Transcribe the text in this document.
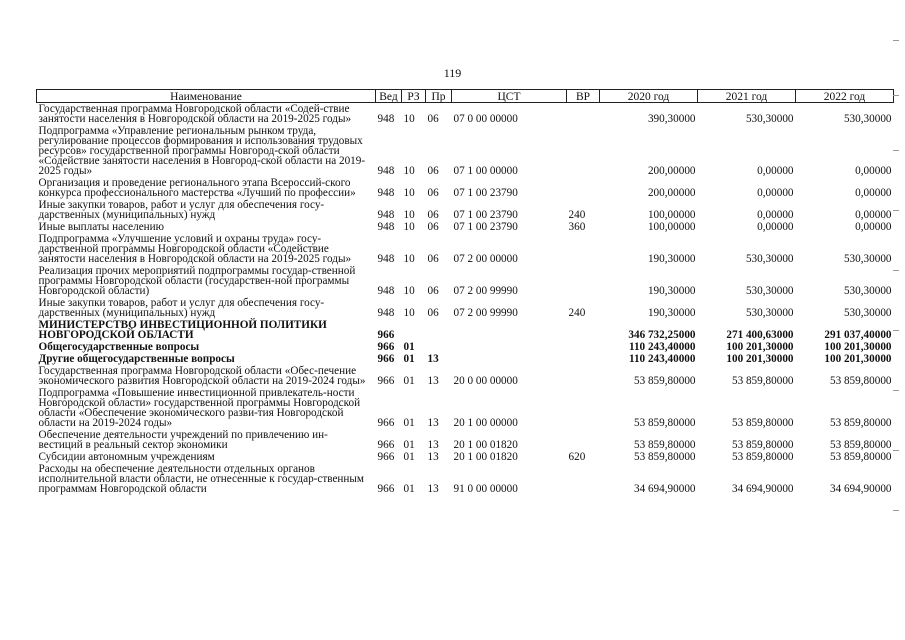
119
Наименование	Вед	РЗ	Пр	ЦСТ	ВР	2020 год	2021 год	2022 год
Государственная программа Новгородской области «Содей-ствие занятости населения в Новгородской области на 2019-2025 годы»	948	10	06	07 0 00 00000		390,30000	530,30000	530,30000
Подпрограмма «Управление региональным рынком труда, регулирование процессов формирования и использования трудовых ресурсов» государственной программы Новгород-ской области «Содействие занятости населения в Новгород-ской области на 2019-2025 годы»	948	10	06	07 1 00 00000		200,00000	0,00000	0,00000
Организация и проведение регионального этапа Всероссий-ского конкурса профессионального мастерства «Лучший по профессии»	948	10	06	07 1 00 23790		200,00000	0,00000	0,00000
Иные закупки товаров, работ и услуг для обеспечения госу-дарственных (муниципальных) нужд	948	10	06	07 1 00 23790	240	100,00000	0,00000	0,00000
Иные выплаты населению	948	10	06	07 1 00 23790	360	100,00000	0,00000	0,00000
Подпрограмма «Улучшение условий и охраны труда» госу-дарственной программы Новгородской области «Содействие занятости населения в Новгородской области на 2019-2025 годы»	948	10	06	07 2 00 00000		190,30000	530,30000	530,30000
Реализация прочих мероприятий подпрограммы государ-ственной программы Новгородской области (государствен-ной программы Новгородской области)	948	10	06	07 2 00 99990		190,30000	530,30000	530,30000
Иные закупки товаров, работ и услуг для обеспечения госу-дарственных (муниципальных) нужд	948	10	06	07 2 00 99990	240	190,30000	530,30000	530,30000
МИНИСТЕРСТВО ИНВЕСТИЦИОННОЙ ПОЛИТИКИ НОВГОРОДСКОЙ ОБЛАСТИ	966					346 732,25000	271 400,63000	291 037,40000
Общегосударственные вопросы	966	01				110 243,40000	100 201,30000	100 201,30000
Другие общегосударственные вопросы	966	01	13			110 243,40000	100 201,30000	100 201,30000
Государственная программа Новгородской области «Обес-печение экономического развития Новгородской области на 2019-2024 годы»	966	01	13	20 0 00 00000		53 859,80000	53 859,80000	53 859,80000
Подпрограмма «Повышение инвестиционной привлекатель-ности Новгородской области» государственной программы Новгородской области «Обеспечение экономического разви-тия Новгородской области на 2019-2024 годы»	966	01	13	20 1 00 00000		53 859,80000	53 859,80000	53 859,80000
Обеспечение деятельности учреждений по привлечению ин-вестиций в реальный сектор экономики	966	01	13	20 1 00 01820		53 859,80000	53 859,80000	53 859,80000
Субсидии автономным учреждениям	966	01	13	20 1 00 01820	620	53 859,80000	53 859,80000	53 859,80000
Расходы на обеспечение деятельности отдельных органов исполнительной власти области, не отнесенные к государ-ственным программам Новгородской области	966	01	13	91 0 00 00000		34 694,90000	34 694,90000	34 694,90000
